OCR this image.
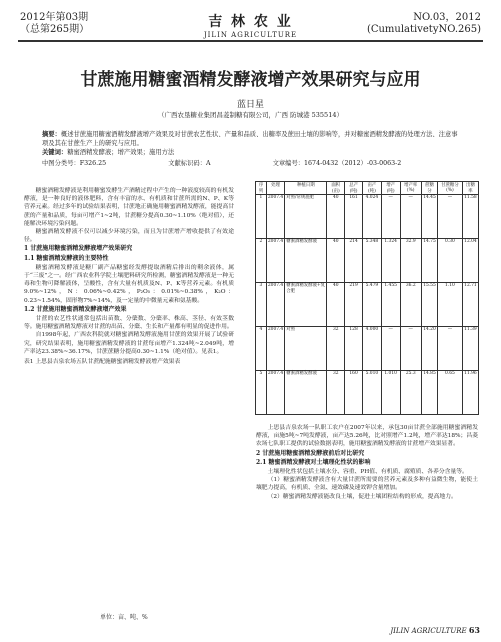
2012年第03期
（总第265期）	吉 林 农 业
JILIN AGRICULTURE
NO.03，2012
(CumulativetyNO.265)
甘蔗施用糖蜜酒精发酵液增产效果研究与应用
蓝日星
（广西农垦糖业集团昌菱制糖有限公司，广西 防城港 535514）
摘要：概述甘蔗施用糖蜜酒精发酵液增产效果及对甘蔗农艺性状、产量和品质、出糖率及蔗田土壤的影响等，并对糖蜜酒精发酵液的处理方法、注意事项及其在甘蔗生产上的研究与应用。
关键词：糖蜜酒精发酵液；增产效果；施用方法
中图分类号：F326.25	文献标识码：A	文章编号：1674-0432（2012）-03-0063-2

糖蜜酒精发酵液是利用糖蜜发酵生产酒精过程中产生的一种液度较高的有机发酵液，是一种良好的液体肥料，含有丰富的水、有机质和甘蔗所需的N、P、K等营养元素。经过多年的试验结果表明，甘蔗地正确施用糖蜜酒精发酵液，能提高甘蔗的产量和品质，每亩可增产1~2吨，甘蔗糖分提高0.30~1.10%（绝对值），还能解决环境污染问题。

糖蜜酒精发酵液不仅可以减少环境污染，而且为甘蔗增产增收提供了有效途径。

1 甘蔗施用糖蜜酒精发酵液增产效果研究
1.1 糖蜜酒精发酵液的主要特性

糖蜜酒精发酵液是糖厂副产品糖蜜经发酵提取酒精后排出的剩余液体，属于“三废”之一。经广西农业科学院土壤肥料研究所检测，糖蜜酒精发酵液是一种无毒和生物可降解液体，呈酸性，含有大量有机质及N、P、K等营养元素。有机质9.0%~12%，N：0.06%~0.42%，P₂O₅：0.01%~0.38%，K₂O：0.23~1.54%，固形物7%~14%，及一定量的中微量元素和氨基酸。

1.2 甘蔗施用糖蜜酒精发酵液增产效果

甘蔗的农艺性状通常包括出苗数、分蘖数、分蘖率、株高、茎径、有效茎数等。施用糖蜜酒精发酵液对甘蔗的出苗、分蘖、生长和产量都有明显的促进作用。

自1998年起，广西农科院就对糖蜜酒精发酵液施用甘蔗的效果开展了试验研究，研究结果表明，施用糖蜜酒精发酵液的甘蔗每亩增产1.324吨~2.049吨，增产率达23.38%~36.17%，甘蔗蔗糖分提高0.30~1.1%（绝对值）。见表1。

表1 上思县吉泉农场五队甘蔗配施糖蜜酒精发酵液增产效果表

单位：亩、吨、%
序列	处理	种植日期	面积(亩)	总产(吨)	亩产(吨)	增产(吨)	增产率(%)	蔗糖分	甘蔗糖分(%)	出糖率
1	2007.4	对照/常规施肥	40	161	4.024	—	—	14.45	—	11.58
2	2007.4	糖蜜酒精发酵液	40	214	5.348	1.324	32.9	14.75	0.30	12.04
3	2007.4	糖蜜酒精发酵液+复合肥	40	219	5.479	1.455	36.2	15.55	1.10	12.71
4	2007.4	对照	32	128	4.000	—	—	14.20	—	11.39
5	2007.4	糖蜜酒精发酵液	32	160	5.010	1.010	25.3	14.85	0.65	11.96

上思县吉泉农场一队职工农户在2007年以来，承包30亩甘蔗全部施用糖蜜酒精发酵液，亩施5吨~7吨发酵液，亩产达5.26吨，比对照增产1.2吨，增产率达18%；昌菱农场七队职工提供的试验数据表明，施用糖蜜酒精发酵液的甘蔗增产效果显著。

2 甘蔗施用糖蜜酒精发酵液前后对比研究
2.1 糖蜜酒精发酵液对土壤理化性状的影响

土壤理化性状包括土壤水分、容重、PH值、有机质、腐殖质、各养分含量等。

（1）糖蜜酒精发酵液含有大量甘蔗所需要的营养元素及多种有益微生物，能使土壤肥力提高，有机质、全氮、速效磷及速效钾含量增加。

（2）糖蜜酒精发酵液能改良土壤，促进土壤团粒结构的形成，提高地力。

JILIN AGRICULTURE 63
